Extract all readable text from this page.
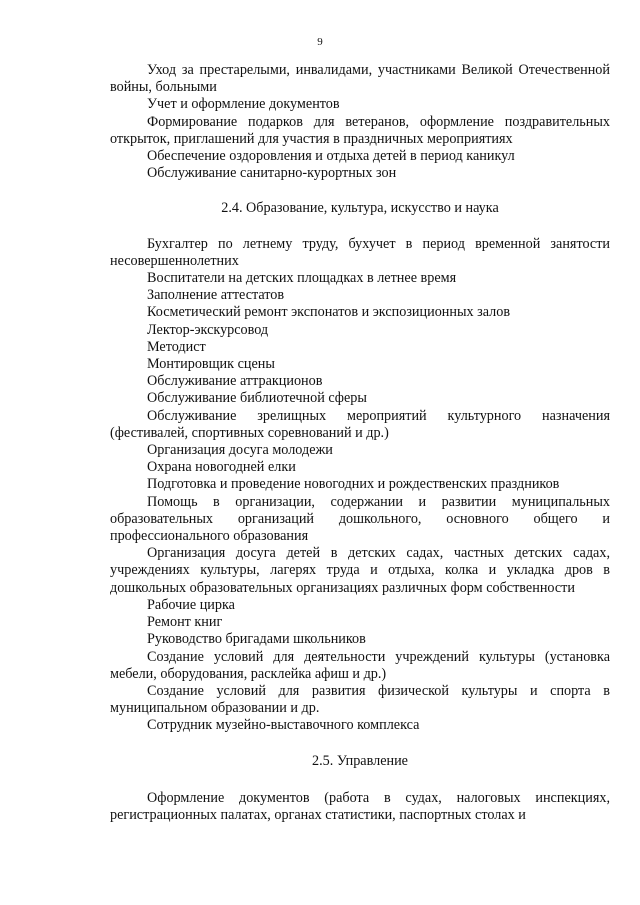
9

Уход за престарелыми, инвалидами, участниками Великой Отечественной войны, больными

Учет и оформление документов

Формирование подарков для ветеранов, оформление поздравительных открыток, приглашений для участия в праздничных мероприятиях

Обеспечение оздоровления и отдыха детей в период каникул

Обслуживание санитарно-курортных зон

2.4. Образование, культура, искусство и наука

Бухгалтер по летнему труду, бухучет в период временной занятости несовершеннолетних

Воспитатели на детских площадках в летнее время

Заполнение аттестатов

Косметический ремонт экспонатов и экспозиционных залов

Лектор-экскурсовод

Методист

Монтировщик сцены

Обслуживание аттракционов

Обслуживание библиотечной сферы

Обслуживание зрелищных мероприятий культурного назначения (фестивалей, спортивных соревнований и др.)

Организация досуга молодежи

Охрана новогодней елки

Подготовка и проведение новогодних и рождественских праздников

Помощь в организации, содержании и развитии муниципальных образовательных организаций дошкольного, основного общего и профессионального образования

Организация досуга детей в детских садах, частных детских садах, учреждениях культуры, лагерях труда и отдыха, колка и укладка дров в дошкольных образовательных организациях различных форм собственности

Рабочие цирка

Ремонт книг

Руководство бригадами школьников

Создание условий для деятельности учреждений культуры (установка мебели, оборудования, расклейка афиш и др.)

Создание условий для развития физической культуры и спорта в муниципальном образовании и др.

Сотрудник музейно-выставочного комплекса

2.5. Управление

Оформление документов (работа в судах, налоговых инспекциях, регистрационных палатах, органах статистики, паспортных столах и
